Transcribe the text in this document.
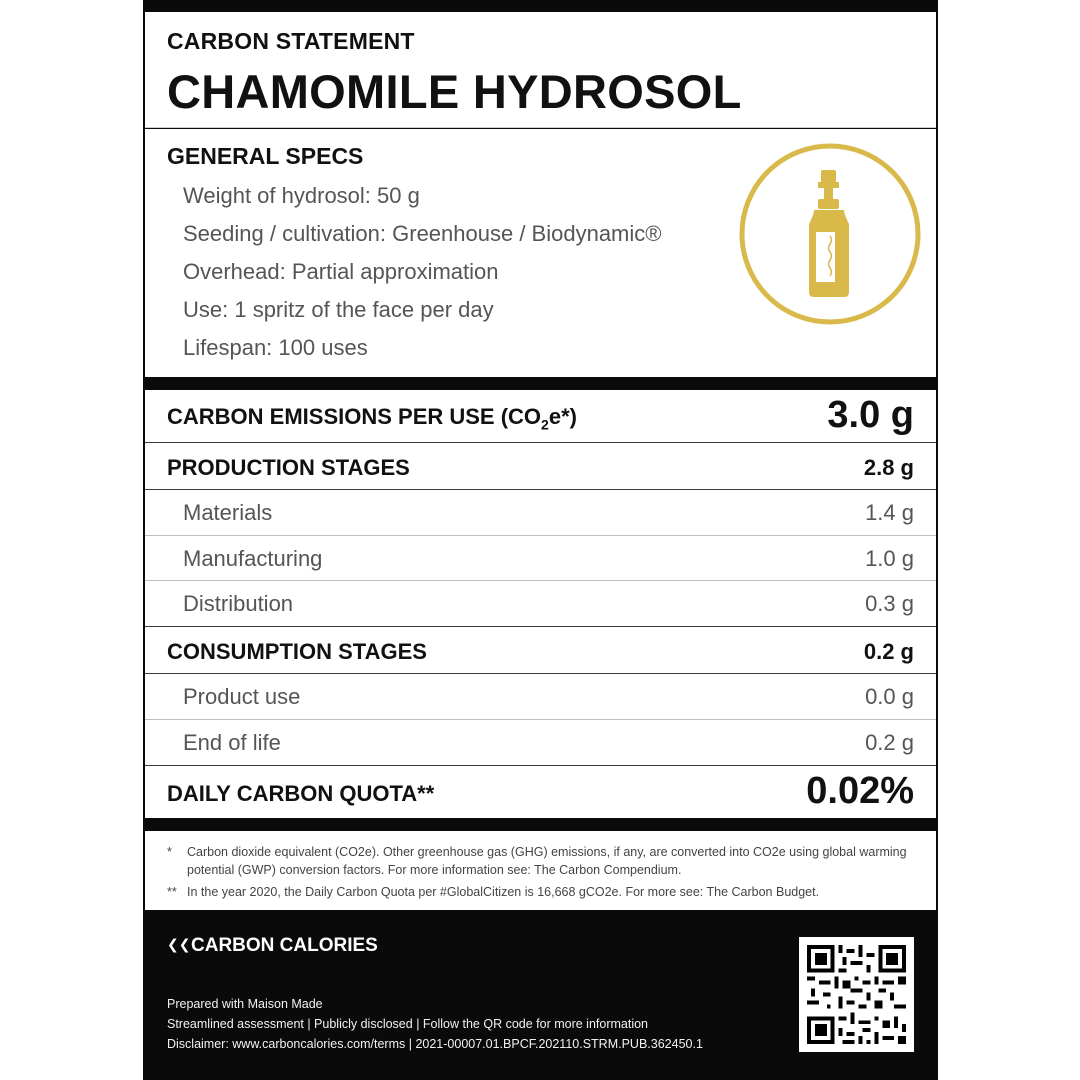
CARBON STATEMENT
CHAMOMILE HYDROSOL
GENERAL SPECS
Weight of hydrosol: 50 g
Seeding / cultivation: Greenhouse / Biodynamic®
Overhead: Partial approximation
Use: 1 spritz of the face per day
Lifespan: 100 uses
CARBON EMISSIONS PER USE $(CO_2e*)$	3.0 g
PRODUCTION STAGES	2.8 g
Materials	1.4 g
Manufacturing	1.0 g
Distribution	0.3 g
CONSUMPTION STAGES	0.2 g
Product use	0.0 g
End of life	0.2 g
DAILY CARBON QUOTA**	0.02%
* Carbon dioxide equivalent (CO2e). Other greenhouse gas (GHG) emissions, if any, are converted into CO2e using global warming potential (GWP) conversion factors. For more information see: The Carbon Compendium.
** In the year 2020, the Daily Carbon Quota per #GlobalCitizen is 16,668 gCO2e. For more see: The Carbon Budget.
❮❮CARBON CALORIES
Prepared with Maison Made
Streamlined assessment | Publicly disclosed | Follow the QR code for more information
Disclaimer: www.carboncalories.com/terms | 2021-00007.01.BPCF.202110.STRM.PUB.362450.1
